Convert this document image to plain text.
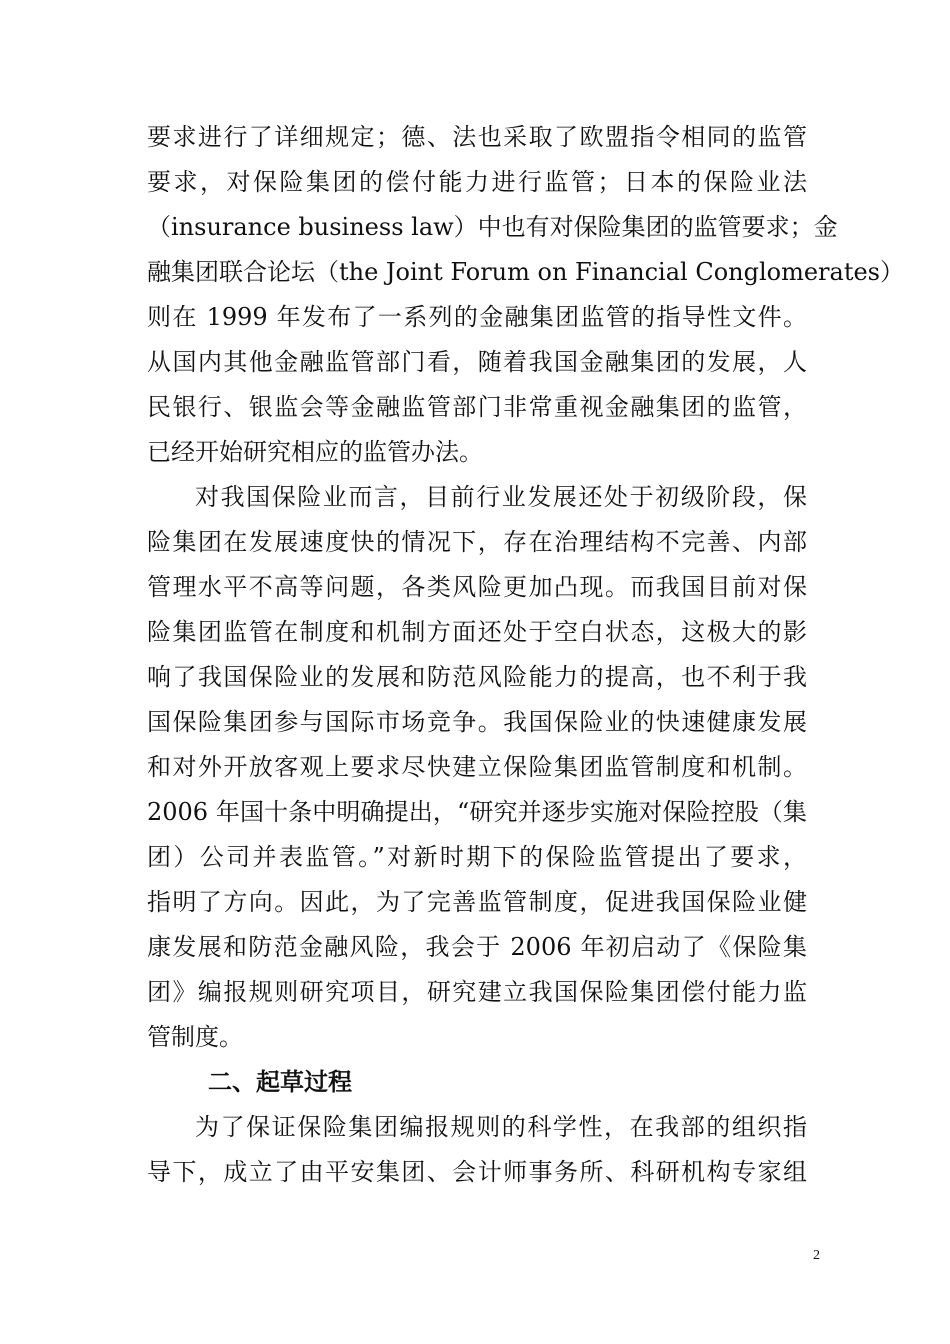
要求进行了详细规定；德、法也采取了欧盟指令相同的监管
要求，对保险集团的偿付能力进行监管；日本的保险业法
（insurance business law）中也有对保险集团的监管要求；金
融集团联合论坛（the Joint Forum on Financial Conglomerates）
则在 1999 年发布了一系列的金融集团监管的指导性文件。
从国内其他金融监管部门看，随着我国金融集团的发展，人
民银行、银监会等金融监管部门非常重视金融集团的监管，
已经开始研究相应的监管办法。
对我国保险业而言，目前行业发展还处于初级阶段，保
险集团在发展速度快的情况下，存在治理结构不完善、内部
管理水平不高等问题，各类风险更加凸现。而我国目前对保
险集团监管在制度和机制方面还处于空白状态，这极大的影
响了我国保险业的发展和防范风险能力的提高，也不利于我
国保险集团参与国际市场竞争。我国保险业的快速健康发展
和对外开放客观上要求尽快建立保险集团监管制度和机制。
2006 年国十条中明确提出，“研究并逐步实施对保险控股（集
团）公司并表监管。”对新时期下的保险监管提出了要求，
指明了方向。因此，为了完善监管制度，促进我国保险业健
康发展和防范金融风险，我会于 2006 年初启动了《保险集
团》编报规则研究项目，研究建立我国保险集团偿付能力监
管制度。
二、起草过程
为了保证保险集团编报规则的科学性，在我部的组织指
导下，成立了由平安集团、会计师事务所、科研机构专家组
2
